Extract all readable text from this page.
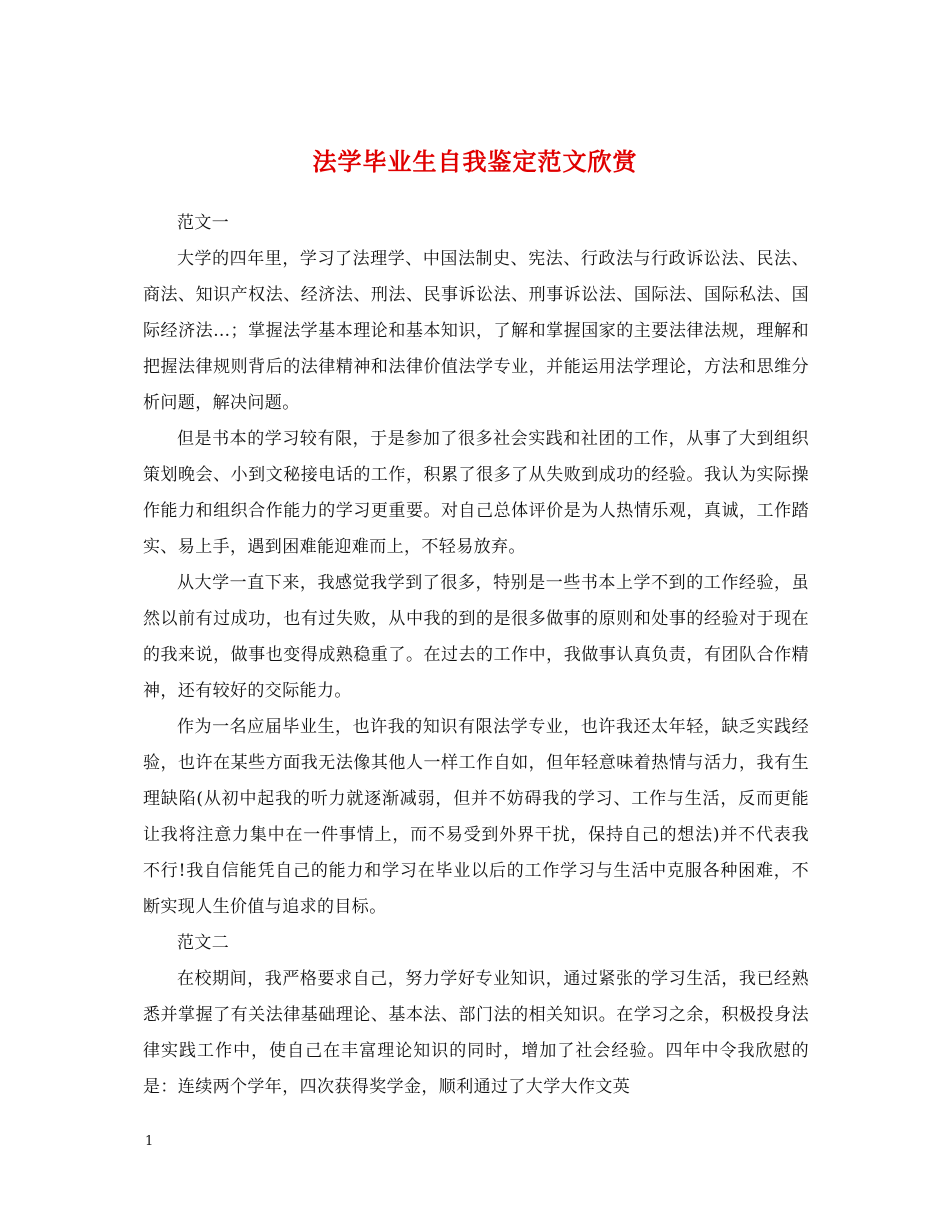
法学毕业生自我鉴定范文欣赏

范文一

大学的四年里，学习了法理学、中国法制史、宪法、行政法与行政诉讼法、民法、商法、知识产权法、经济法、刑法、民事诉讼法、刑事诉讼法、国际法、国际私法、国际经济法…；掌握法学基本理论和基本知识，了解和掌握国家的主要法律法规，理解和把握法律规则背后的法律精神和法律价值法学专业，并能运用法学理论，方法和思维分析问题，解决问题。

但是书本的学习较有限，于是参加了很多社会实践和社团的工作，从事了大到组织策划晚会、小到文秘接电话的工作，积累了很多了从失败到成功的经验。我认为实际操作能力和组织合作能力的学习更重要。对自己总体评价是为人热情乐观，真诚，工作踏实、易上手，遇到困难能迎难而上，不轻易放弃。

从大学一直下来，我感觉我学到了很多，特别是一些书本上学不到的工作经验，虽然以前有过成功，也有过失败，从中我的到的是很多做事的原则和处事的经验对于现在的我来说，做事也变得成熟稳重了。在过去的工作中，我做事认真负责，有团队合作精神，还有较好的交际能力。

作为一名应届毕业生，也许我的知识有限法学专业，也许我还太年轻，缺乏实践经验，也许在某些方面我无法像其他人一样工作自如，但年轻意味着热情与活力，我有生理缺陷(从初中起我的听力就逐渐减弱，但并不妨碍我的学习、工作与生活，反而更能让我将注意力集中在一件事情上，而不易受到外界干扰，保持自己的想法)并不代表我不行!我自信能凭自己的能力和学习在毕业以后的工作学习与生活中克服各种困难，不断实现人生价值与追求的目标。

范文二

在校期间，我严格要求自己，努力学好专业知识，通过紧张的学习生活，我已经熟悉并掌握了有关法律基础理论、基本法、部门法的相关知识。在学习之余，积极投身法律实践工作中，使自己在丰富理论知识的同时，增加了社会经验。四年中令我欣慰的是：连续两个学年，四次获得奖学金，顺利通过了大学大作文英

1
